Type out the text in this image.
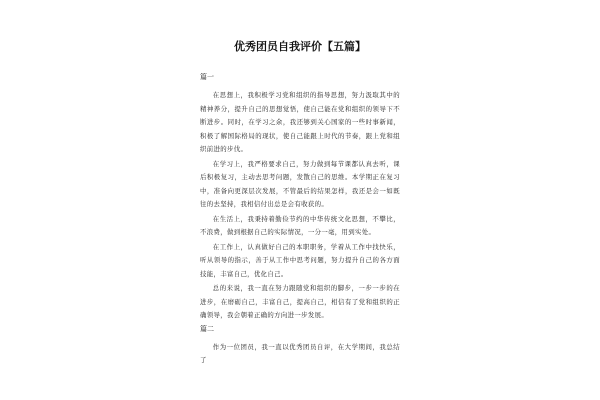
优秀团员自我评价【五篇】
篇一

在思想上，我积极学习党和组织的指导思想，努力汲取其中的精神养分，提升自己的思想觉悟，使自己能在党和组织的领导下不断进步。同时，在学习之余，我还够到关心国家的一些时事新闻，积极了解国际格局的现状，使自己能跟上时代的节奏，跟上党和组织前进的步伐。

在学习上，我严格要求自己，努力做到每节课都认真去听，课后积极复习，主动去思考问题，发散自己的思维。本学期正在复习中，准备向更深层次发展，不管最后的结果怎样，我还是会一如既往的去坚持，我相信付出总是会有收获的。

在生活上，我秉持着勤俭节约的中华传统文化思想，不攀比，不浪费，做到根据自己的实际情况，一分一毫，用到实处。

在工作上，认真做好自己的本职职务，学着从工作中找快乐，听从领导的指示，善于从工作中思考问题，努力提升自己的各方面技能，丰富自己，优化自己。

总的来说，我一直在努力跟随党和组织的脚步，一步一步的在进步，在磨砺自己，丰富自己，提高自己，相信有了党和组织的正确领导，我会朝着正确的方向进一步发展。

篇二

作为一位团员，我一直以优秀团员自评，在大学期间，我总结了
